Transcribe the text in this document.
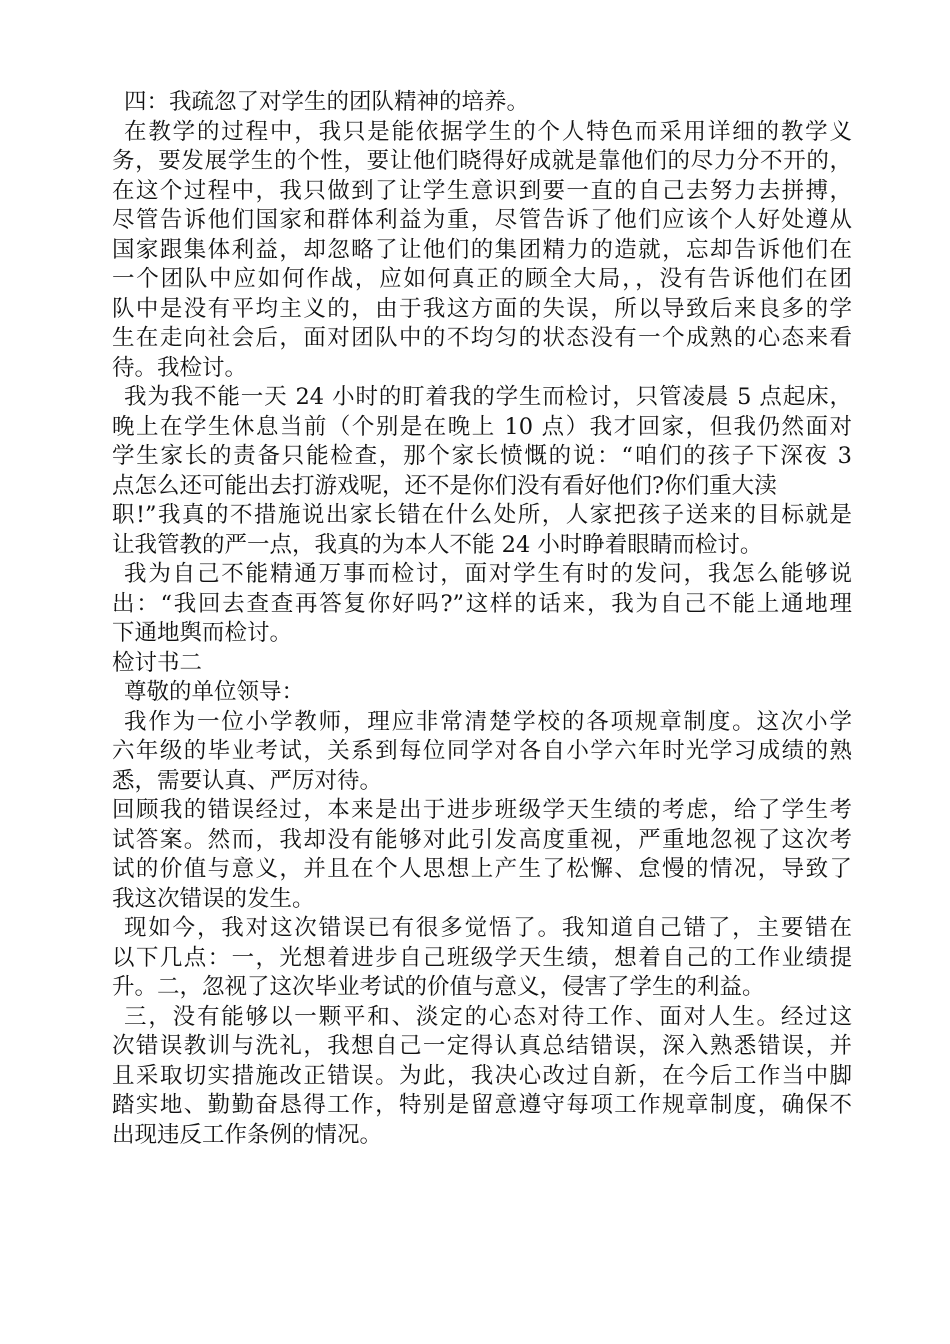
四：我疏忽了对学生的团队精神的培养。
在教学的过程中，我只是能依据学生的个人特色而采用详细的教学义
务，要发展学生的个性，要让他们晓得好成就是靠他们的尽力分不开的，
在这个过程中，我只做到了让学生意识到要一直的自己去努力去拼搏，
尽管告诉他们国家和群体利益为重，尽管告诉了他们应该个人好处遵从
国家跟集体利益，却忽略了让他们的集团精力的造就，忘却告诉他们在
一个团队中应如何作战，应如何真正的顾全大局，，没有告诉他们在团
队中是没有平均主义的，由于我这方面的失误，所以导致后来良多的学
生在走向社会后，面对团队中的不均匀的状态没有一个成熟的心态来看
待。我检讨。
我为我不能一天 24 小时的盯着我的学生而检讨，只管凌晨 5 点起床，
晚上在学生休息当前（个别是在晚上 10 点）我才回家，但我仍然面对
学生家长的责备只能检查，那个家长愤慨的说：“咱们的孩子下深夜 3
点怎么还可能出去打游戏呢，还不是你们没有看好他们?你们重大渎
职!”我真的不措施说出家长错在什么处所，人家把孩子送来的目标就是
让我管教的严一点，我真的为本人不能 24 小时睁着眼睛而检讨。
我为自己不能精通万事而检讨，面对学生有时的发问，我怎么能够说
出：“我回去查查再答复你好吗?”这样的话来，我为自己不能上通地理
下通地舆而检讨。
检讨书二
尊敬的单位领导：
我作为一位小学教师，理应非常清楚学校的各项规章制度。这次小学
六年级的毕业考试，关系到每位同学对各自小学六年时光学习成绩的熟
悉，需要认真、严厉对待。
回顾我的错误经过，本来是出于进步班级学天生绩的考虑，给了学生考
试答案。然而，我却没有能够对此引发高度重视，严重地忽视了这次考
试的价值与意义，并且在个人思想上产生了松懈、怠慢的情况，导致了
我这次错误的发生。
现如今，我对这次错误已有很多觉悟了。我知道自己错了，主要错在
以下几点：一，光想着进步自己班级学天生绩，想着自己的工作业绩提
升。二，忽视了这次毕业考试的价值与意义，侵害了学生的利益。
三，没有能够以一颗平和、淡定的心态对待工作、面对人生。经过这
次错误教训与洗礼，我想自己一定得认真总结错误，深入熟悉错误，并
且采取切实措施改正错误。为此，我决心改过自新，在今后工作当中脚
踏实地、勤勤奋恳得工作，特别是留意遵守每项工作规章制度，确保不
出现违反工作条例的情况。
